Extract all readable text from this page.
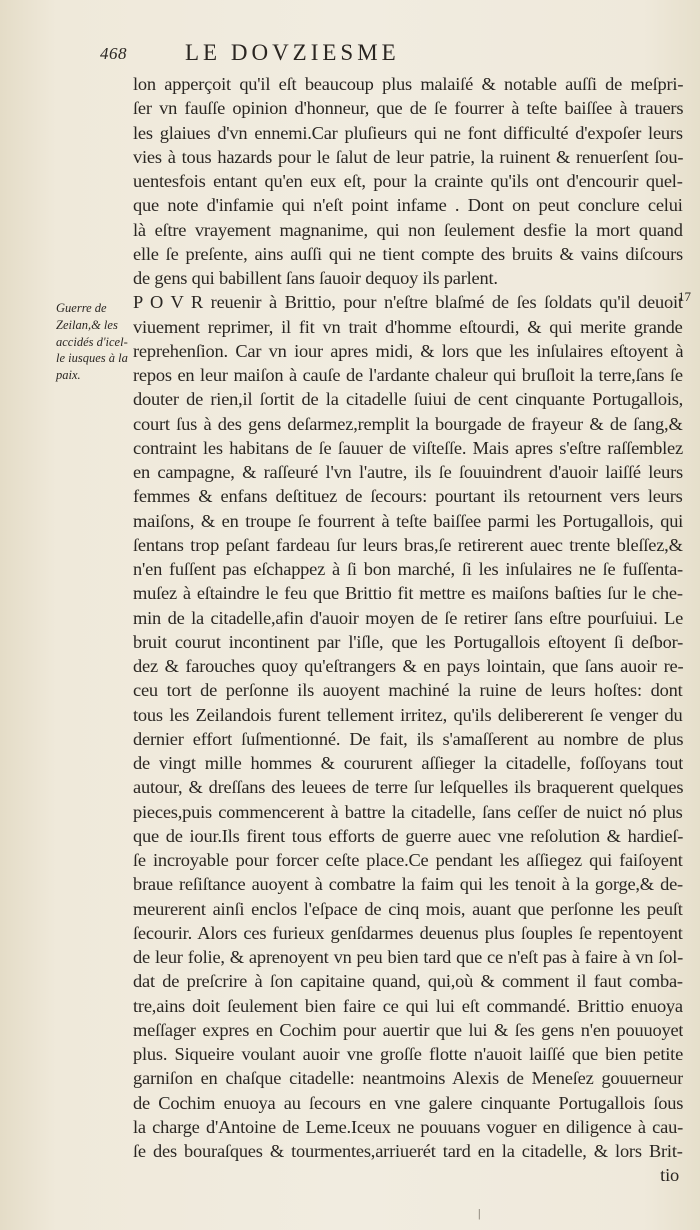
468	LE DOVZIESME
Guerre de
Zeilan,& les
accidés d'icel-
le iusques à la
paix.
17
lon apperçoit qu'il eſt beaucoup plus malaiſé & notable auſſi de meſpri-
ſer vn fauſſe opinion d'honneur, que de ſe fourrer à teſte baiſſee à trauers
les glaiues d'vn ennemi.Car pluſieurs qui ne font difficulté d'expoſer leurs
vies à tous hazards pour le ſalut de leur patrie, la ruinent & renuerſent ſou-
uentesfois entant qu'en eux eſt, pour la crainte qu'ils ont d'encourir quel-
que note d'infamie qui n'eſt point infame . Dont on peut conclure celui
là eſtre vrayement magnanime, qui non ſeulement desfie la mort quand
elle ſe preſente, ains auſſi qui ne tient compte des bruits & vains diſcours
de gens qui babillent ſans ſauoir dequoy ils parlent.
P O V R reuenir à Brittio, pour n'eſtre blaſmé de ſes ſoldats qu'il deuoit
viuement reprimer, il fit vn trait d'homme eſtourdi, & qui merite grande
reprehenſion. Car vn iour apres midi, & lors que les inſulaires eſtoyent à
repos en leur maiſon à cauſe de l'ardante chaleur qui bruſloit la terre,ſans ſe
douter de rien,il ſortit de la citadelle ſuiui de cent cinquante Portugallois,
court ſus à des gens deſarmez,remplit la bourgade de frayeur & de ſang,&
contraint les habitans de ſe ſauuer de viſteſſe. Mais apres s'eſtre raſſemblez
en campagne, & raſſeuré l'vn l'autre, ils ſe ſouuindrent d'auoir laiſſé leurs
femmes & enfans deſtituez de ſecours: pourtant ils retournent vers leurs
maiſons, & en troupe ſe fourrent à teſte baiſſee parmi les Portugallois, qui
ſentans trop peſant fardeau ſur leurs bras,ſe retirerent auec trente bleſſez,&
n'en fuſſent pas eſchappez à ſi bon marché, ſi les inſulaires ne ſe fuſſenta-
muſez à eſtaindre le feu que Brittio fit mettre es maiſons baſties ſur le che-
min de la citadelle,afin d'auoir moyen de ſe retirer ſans eſtre pourſuiui. Le
bruit courut incontinent par l'iſle, que les Portugallois eſtoyent ſi deſbor-
dez & farouches quoy qu'eſtrangers & en pays lointain, que ſans auoir re-
ceu tort de perſonne ils auoyent machiné la ruine de leurs hoſtes: dont
tous les Zeilandois furent tellement irritez, qu'ils delibererent ſe venger du
dernier effort ſuſmentionné. De fait, ils s'amaſſerent au nombre de plus
de vingt mille hommes & coururent aſſieger la citadelle, foſſoyans tout
autour, & dreſſans des leuees de terre ſur leſquelles ils braquerent quelques
pieces,puis commencerent à battre la citadelle, ſans ceſſer de nuict nó plus
que de iour.Ils firent tous efforts de guerre auec vne reſolution & hardieſ-
ſe incroyable pour forcer ceſte place.Ce pendant les aſſiegez qui faiſoyent
braue reſiſtance auoyent à combatre la faim qui les tenoit à la gorge,& de-
meurerent ainſi enclos l'eſpace de cinq mois, auant que perſonne les peuſt
ſecourir. Alors ces furieux genſdarmes deuenus plus ſouples ſe repentoyent
de leur folie, & aprenoyent vn peu bien tard que ce n'eſt pas à faire à vn ſol-
dat de preſcrire à ſon capitaine quand, qui,où & comment il faut comba-
tre,ains doit ſeulement bien faire ce qui lui eſt commandé. Brittio enuoya
meſſager expres en Cochim pour auertir que lui & ſes gens n'en pouuoyet
plus. Siqueire voulant auoir vne groſſe flotte n'auoit laiſſé que bien petite
garniſon en chaſque citadelle: neantmoins Alexis de Meneſez gouuerneur
de Cochim enuoya au ſecours en vne galere cinquante Portugallois ſous
la charge d'Antoine de Leme.Iceux ne pouuans voguer en diligence à cau-
ſe des bouraſques & tourmentes,arriuerét tard en la citadelle, & lors Brit-
tio
|
